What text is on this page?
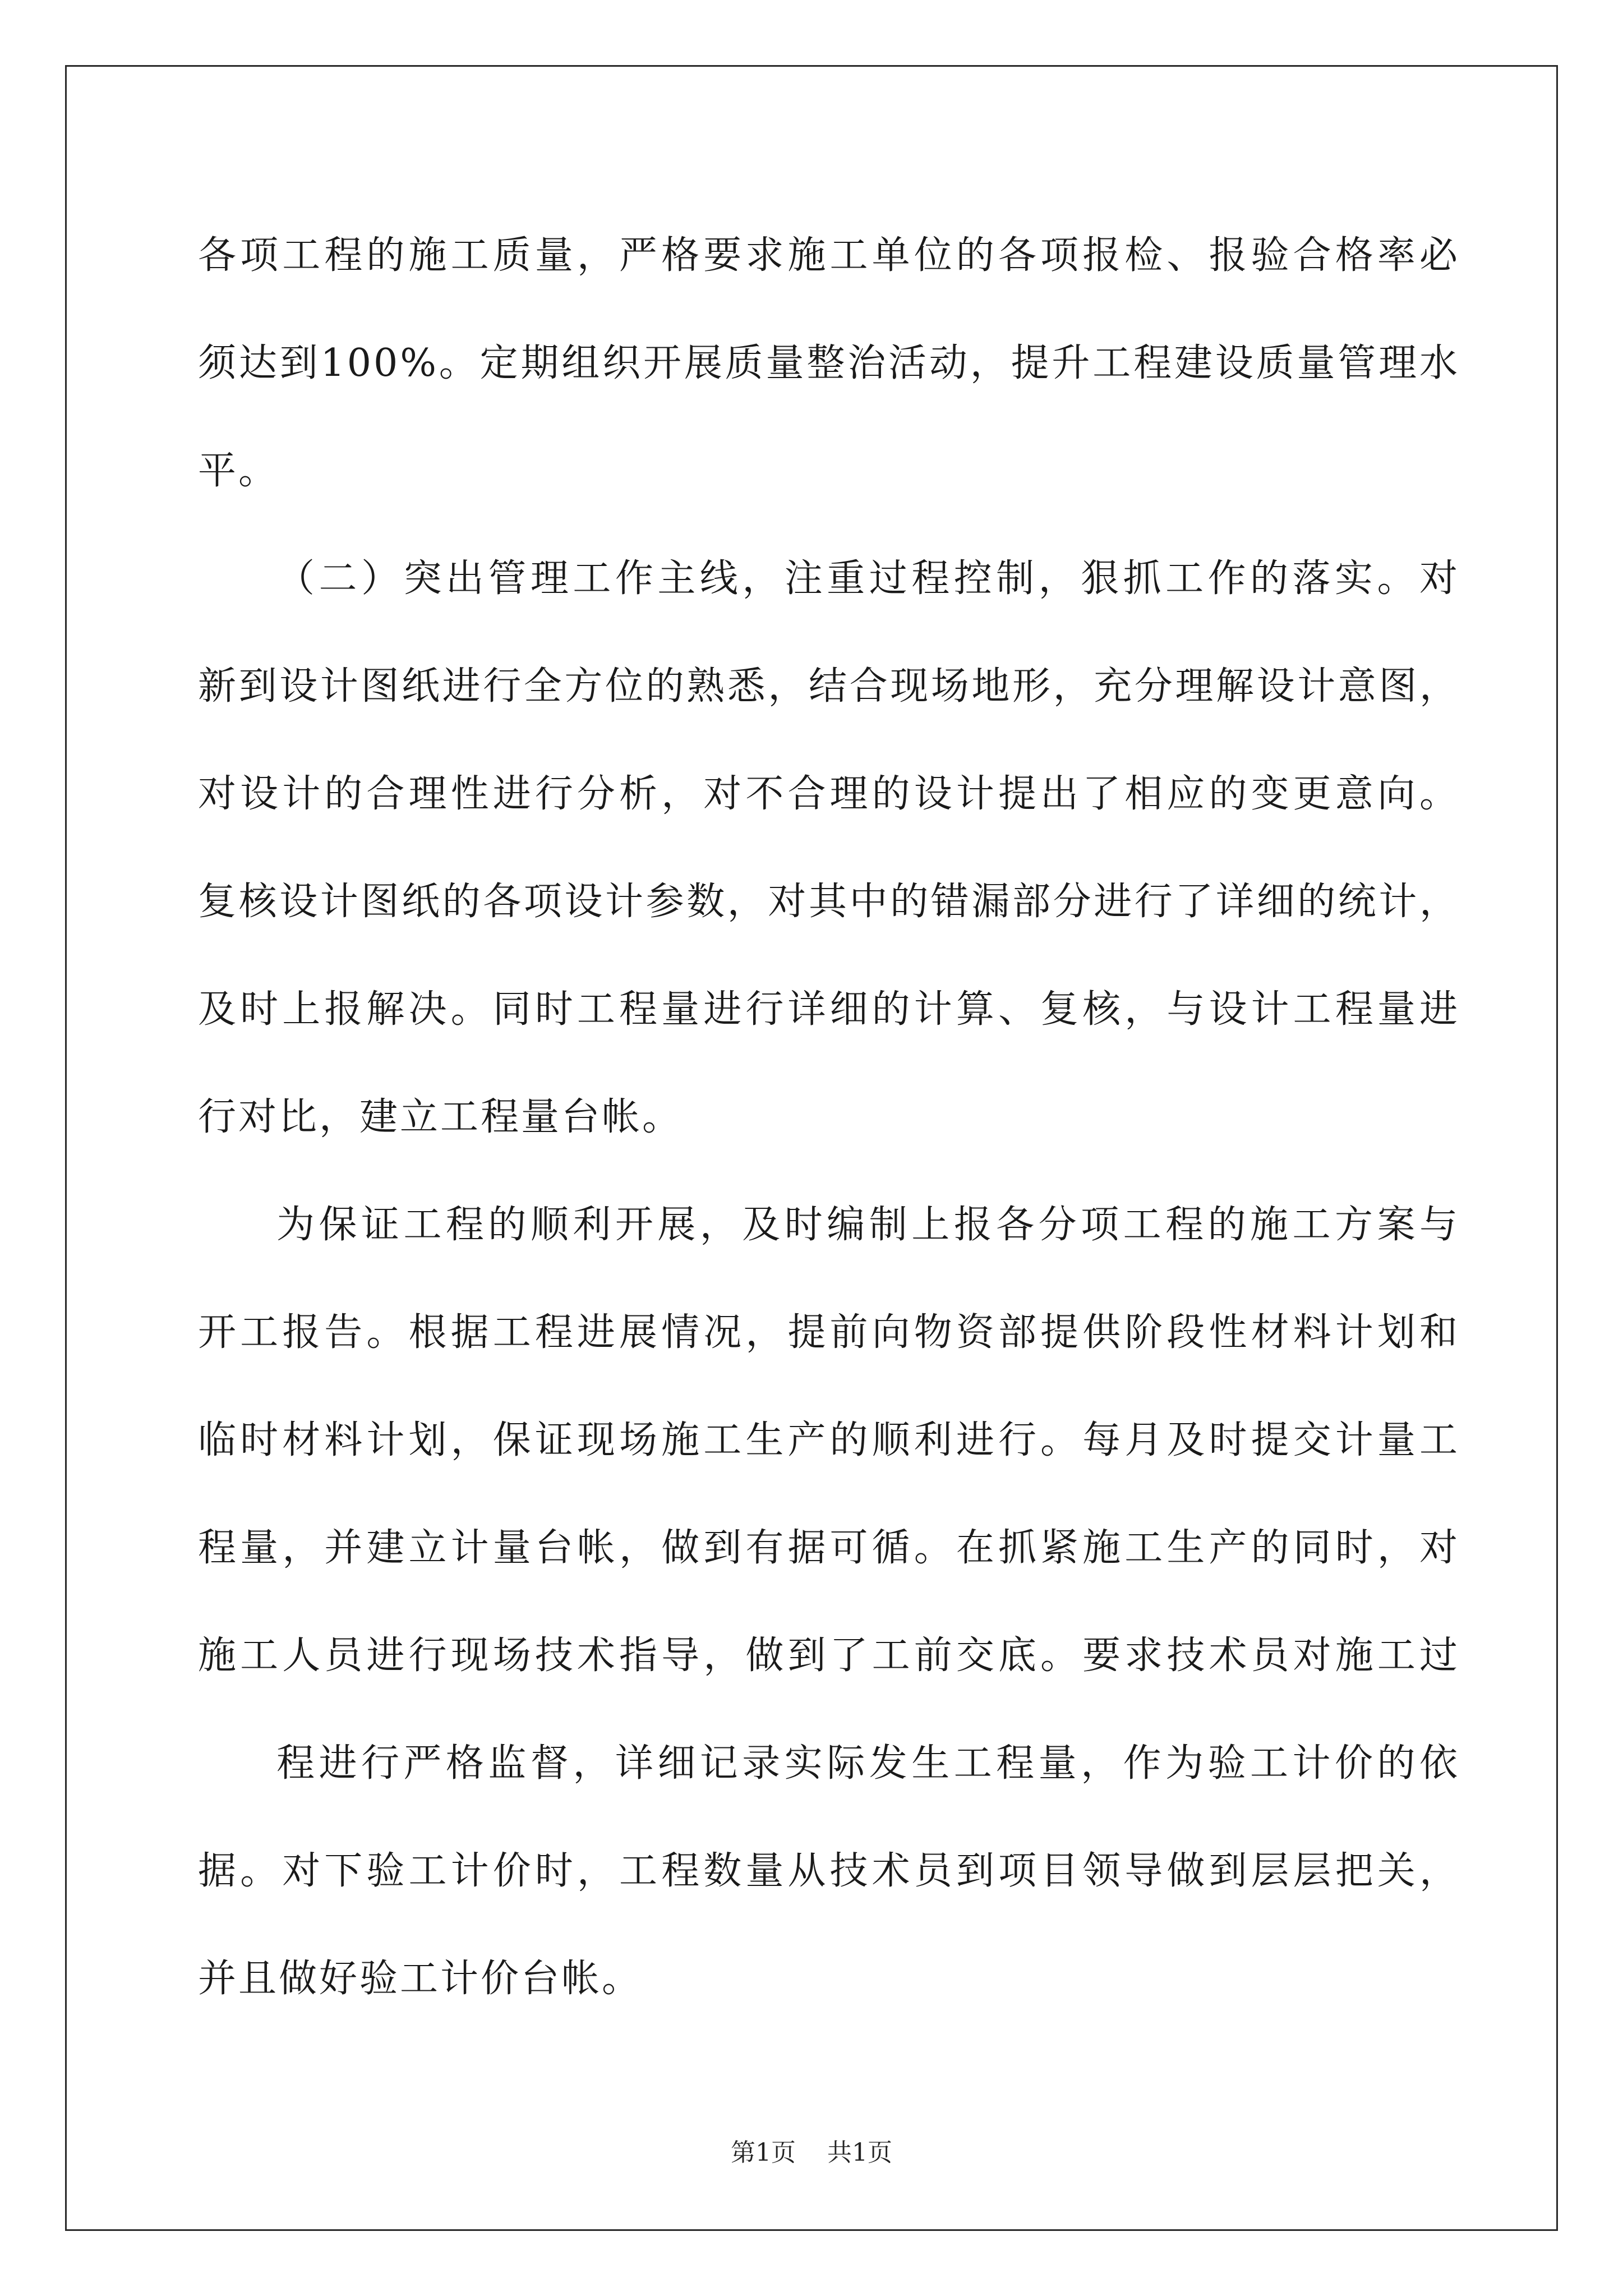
各项工程的施工质量，严格要求施工单位的各项报检、报验合格率必
须达到100%。定期组织开展质量整治活动，提升工程建设质量管理水
平。
（二）突出管理工作主线，注重过程控制，狠抓工作的落实。对
新到设计图纸进行全方位的熟悉，结合现场地形，充分理解设计意图，
对设计的合理性进行分析，对不合理的设计提出了相应的变更意向。
复核设计图纸的各项设计参数，对其中的错漏部分进行了详细的统计，
及时上报解决。同时工程量进行详细的计算、复核，与设计工程量进
行对比，建立工程量台帐。
为保证工程的顺利开展，及时编制上报各分项工程的施工方案与
开工报告。根据工程进展情况，提前向物资部提供阶段性材料计划和
临时材料计划，保证现场施工生产的顺利进行。每月及时提交计量工
程量，并建立计量台帐，做到有据可循。在抓紧施工生产的同时，对
施工人员进行现场技术指导，做到了工前交底。要求技术员对施工过
程进行严格监督，详细记录实际发生工程量，作为验工计价的依
据。对下验工计价时，工程数量从技术员到项目领导做到层层把关，
并且做好验工计价台帐。
第1页 共1页
